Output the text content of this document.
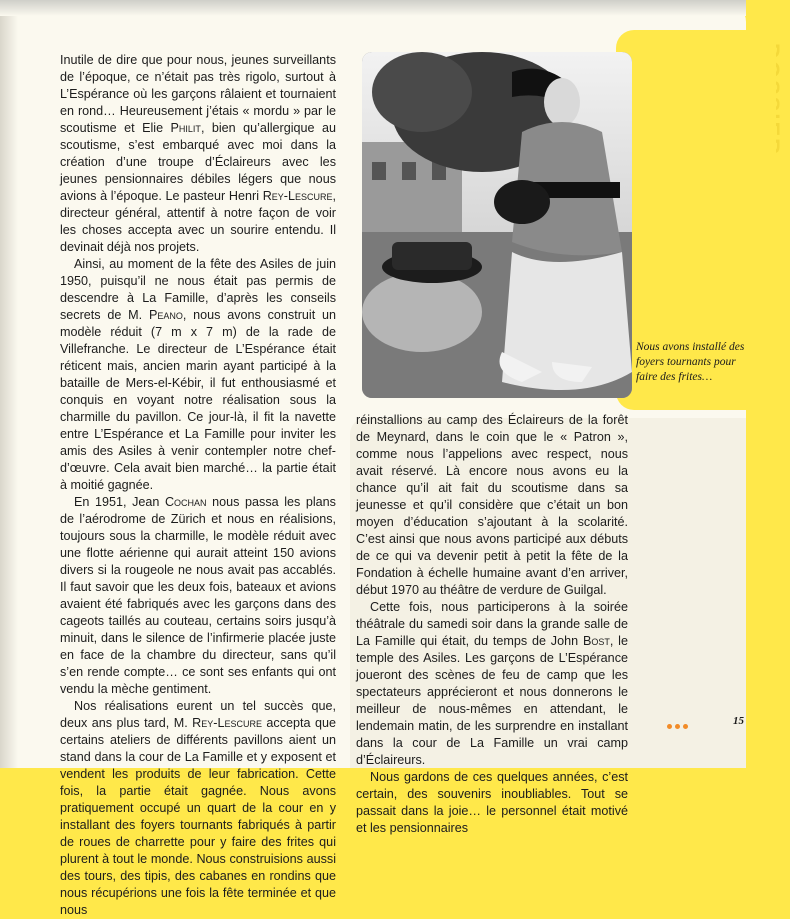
Inutile de dire que pour nous, jeunes surveillants de l’époque, ce n’était pas très rigolo, surtout à L’Espérance où les garçons râlaient et tournaient en rond… Heureusement j’étais « mordu » par le scoutisme et Elie Philit, bien qu’allergique au scoutisme, s’est embarqué avec moi dans la création d’une troupe d’Éclaireurs avec les jeunes pensionnaires débiles légers que nous avions à l’époque. Le pasteur Henri Rey-Lescure, directeur général, attentif à notre façon de voir les choses accepta avec un sourire entendu. Il devinait déjà nos projets.

Ainsi, au moment de la fête des Asiles de juin 1950, puisqu’il ne nous était pas permis de descendre à La Famille, d’après les conseils secrets de M. Peano, nous avons construit un modèle réduit (7 m x 7 m) de la rade de Villefranche. Le directeur de L’Espérance était réticent mais, ancien marin ayant participé à la bataille de Mers-el-Kébir, il fut enthousiasmé et conquis en voyant notre réalisation sous la charmille du pavillon. Ce jour-là, il fit la navette entre L’Espérance et La Famille pour inviter les amis des Asiles à venir contempler notre chef-d’œuvre. Cela avait bien marché… la partie était à moitié gagnée.

En 1951, Jean Cochan nous passa les plans de l’aérodrome de Zürich et nous en réalisions, toujours sous la charmille, le modèle réduit avec une flotte aérienne qui aurait atteint 150 avions divers si la rougeole ne nous avait pas accablés. Il faut savoir que les deux fois, bateaux et avions avaient été fabriqués avec les garçons dans des cageots taillés au couteau, certains soirs jusqu’à minuit, dans le silence de l’infirmerie placée juste en face de la chambre du directeur, sans qu’il s’en rende compte… ce sont ses enfants qui ont vendu la mèche gentiment.

Nos réalisations eurent un tel succès que, deux ans plus tard, M. Rey-Lescure accepta que certains ateliers de différents pavillons aient un stand dans la cour de La Famille et y exposent et vendent les produits de leur fabrication. Cette fois, la partie était gagnée. Nous avons pratiquement occupé un quart de la cour en y installant des foyers tournants fabriqués à partir de roues de charrette pour y faire des frites qui plurent à tout le monde. Nous construisions aussi des tours, des tipis, des cabanes en rondins que nous récupérions une fois la fête terminée et que nous

Nous avons installé des foyers tournants pour faire des frites…

réinstallions au camp des Éclaireurs de la forêt de Meynard, dans le coin que le « Patron », comme nous l’appelions avec respect, nous avait réservé. Là encore nous avons eu la chance qu’il ait fait du scoutisme dans sa jeunesse et qu’il considère que c’était un bon moyen d’éducation s’ajoutant à la scolarité. C’est ainsi que nous avons participé aux débuts de ce qui va devenir petit à petit la fête de la Fondation à échelle humaine avant d’en arriver, début 1970 au théâtre de verdure de Guilgal.

Cette fois, nous participerons à la soirée théâtrale du samedi soir dans la grande salle de La Famille qui était, du temps de John Bost, le temple des Asiles. Les garçons de L’Espérance joueront des scènes de feu de camp que les spectateurs apprécieront et nous donnerons le meilleur de nous-mêmes en attendant, le lendemain matin, de les surprendre en installant dans la cour de La Famille un vrai camp d’Éclaireurs.

Nous gardons de ces quelques années, c’est certain, des souvenirs inoubliables. Tout se passait dans la joie… le personnel était motivé et les pensionnaires

15
